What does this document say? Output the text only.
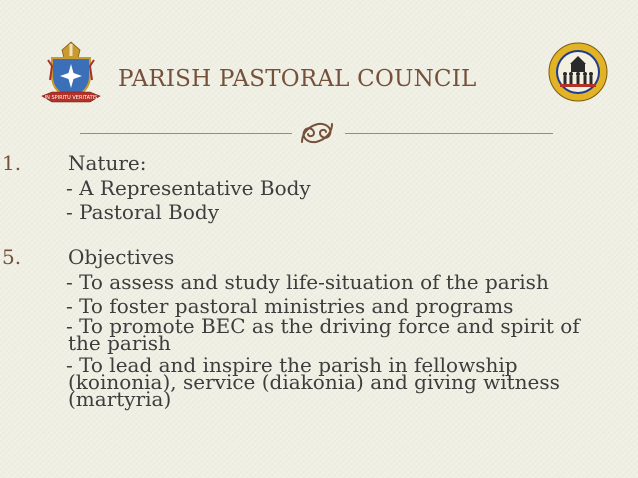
IN SPIRITU VERITATIS
PARISH PASTORAL COUNCIL
1. Nature:

- A Representative Body

- Pastoral Body

5. Objectives

- To assess and study life-situation of the parish

- To foster pastoral ministries and programs

- To promote BEC as the driving force and spirit of the parish

- To lead and inspire the parish in fellowship (koinonia), service (diakonia) and giving witness (martyria)
